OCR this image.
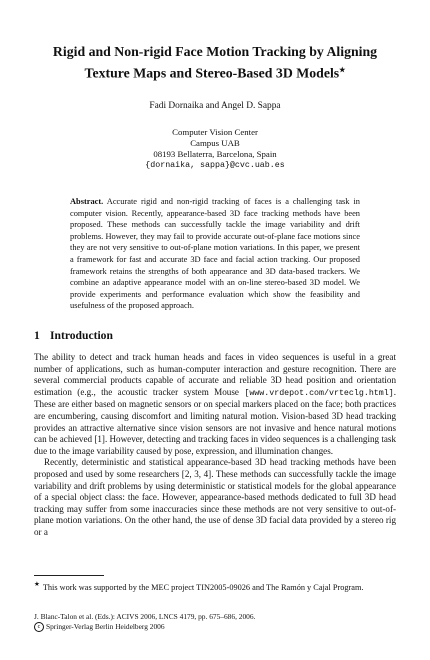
Rigid and Non-rigid Face Motion Tracking by Aligning
Texture Maps and Stereo-Based 3D Models★
Fadi Dornaika and Angel D. Sappa
Computer Vision Center
Campus UAB
08193 Bellaterra, Barcelona, Spain
{dornaika, sappa}@cvc.uab.es
Abstract. Accurate rigid and non-rigid tracking of faces is a challenging task in computer vision. Recently, appearance-based 3D face tracking methods have been proposed. These methods can successfully tackle the image variability and drift problems. However, they may fail to provide accurate out-of-plane face motions since they are not very sensitive to out-of-plane motion variations. In this paper, we present a framework for fast and accurate 3D face and facial action tracking. Our proposed framework retains the strengths of both appearance and 3D data-based trackers. We combine an adaptive appearance model with an on-line stereo-based 3D model. We provide experiments and performance evaluation which show the feasibility and usefulness of the proposed approach.
1 Introduction

The ability to detect and track human heads and faces in video sequences is useful in a great number of applications, such as human-computer interaction and gesture recognition. There are several commercial products capable of accurate and reliable 3D head position and orientation estimation (e.g., the acoustic tracker system Mouse [www.vrdepot.com/vrteclg.html]. These are either based on magnetic sensors or on special markers placed on the face; both practices are encumbering, causing discomfort and limiting natural motion. Vision-based 3D head tracking provides an attractive alternative since vision sensors are not invasive and hence natural motions can be achieved [1]. However, detecting and tracking faces in video sequences is a challenging task due to the image variability caused by pose, expression, and illumination changes.

Recently, deterministic and statistical appearance-based 3D head tracking methods have been proposed and used by some researchers [2, 3, 4]. These methods can successfully tackle the image variability and drift problems by using deterministic or statistical models for the global appearance of a special object class: the face. However, appearance-based methods dedicated to full 3D head tracking may suffer from some inaccuracies since these methods are not very sensitive to out-of-plane motion variations. On the other hand, the use of dense 3D facial data provided by a stereo rig or a

★ This work was supported by the MEC project TIN2005-09026 and The Ramón y Cajal Program.
J. Blanc-Talon et al. (Eds.): ACIVS 2006, LNCS 4179, pp. 675–686, 2006.
c Springer-Verlag Berlin Heidelberg 2006
